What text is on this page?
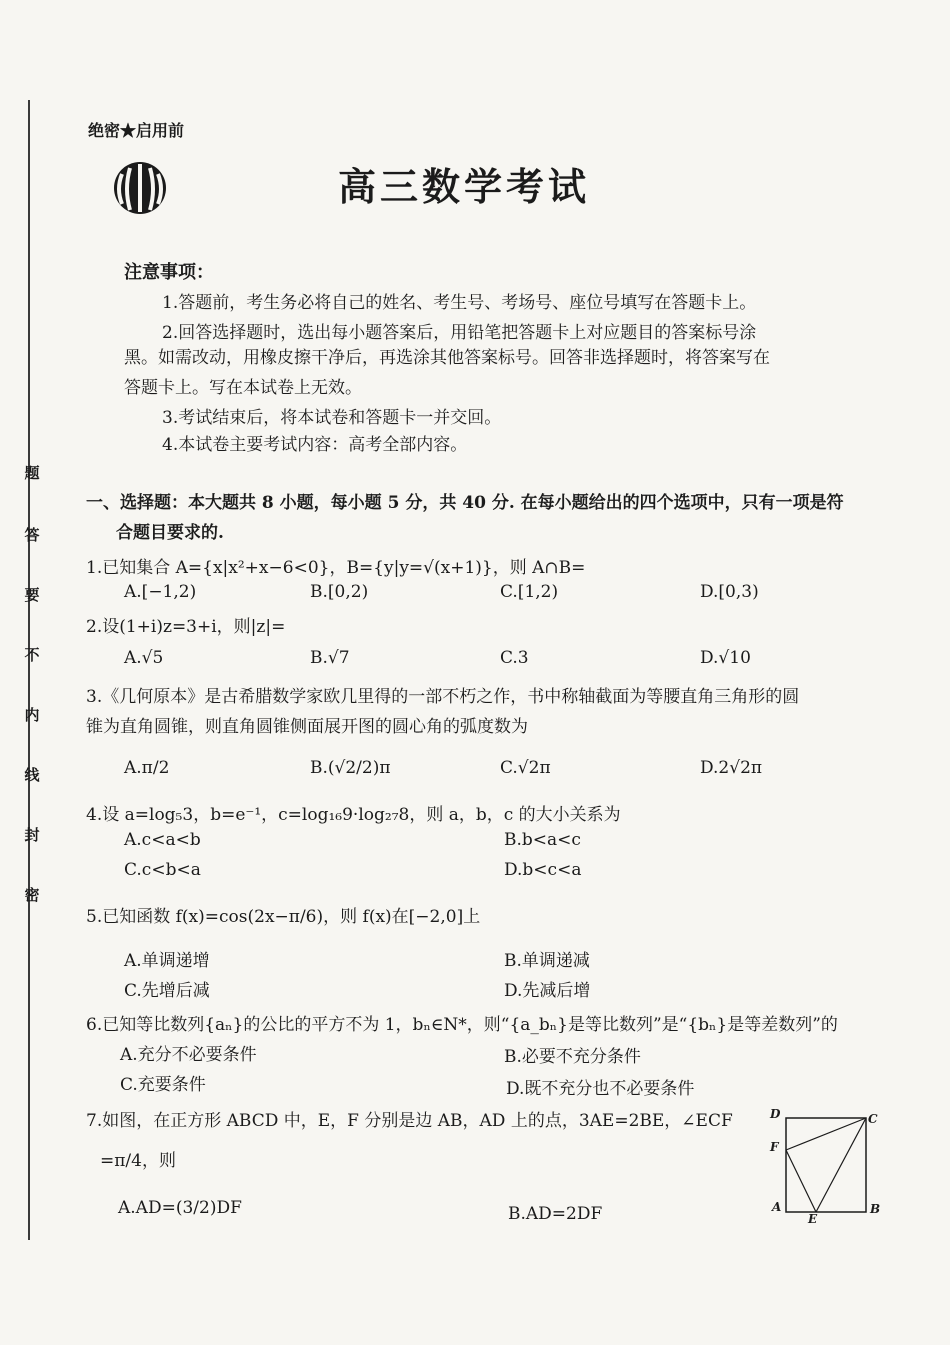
题
答
要
不
内
线
封
密
绝密★启用前
高三数学考试
注意事项：
1.答题前，考生务必将自己的姓名、考生号、考场号、座位号填写在答题卡上。
2.回答选择题时，选出每小题答案后，用铅笔把答题卡上对应题目的答案标号涂
黑。如需改动，用橡皮擦干净后，再选涂其他答案标号。回答非选择题时，将答案写在
答题卡上。写在本试卷上无效。
3.考试结束后，将本试卷和答题卡一并交回。
4.本试卷主要考试内容：高考全部内容。
一、选择题：本大题共 8 小题，每小题 5 分，共 40 分. 在每小题给出的四个选项中，只有一项是符
合题目要求的.
1.已知集合 A={x|x²+x−6<0}，B={y|y=√(x+1)}，则 A∩B=
A.[−1,2)	B.[0,2)	C.[1,2)	D.[0,3)
2.设(1+i)z=3+i，则|z|=
A.√5	B.√7	C.3	D.√10
3.《几何原本》是古希腊数学家欧几里得的一部不朽之作，书中称轴截面为等腰直角三角形的圆
锥为直角圆锥，则直角圆锥侧面展开图的圆心角的弧度数为
A.π/2	B.(√2/2)π	C.√2π	D.2√2π
4.设 a=log₅3，b=e⁻¹，c=log₁₆9·log₂₇8，则 a，b，c 的大小关系为
A.c<a<b	B.b<a<c
C.c<b<a	D.b<c<a
5.已知函数 f(x)=cos(2x−π/6)，则 f(x)在[−2,0]上
A.单调递增	B.单调递减
C.先增后减	D.先减后增
6.已知等比数列{aₙ}的公比的平方不为 1，bₙ∈N*，则“{a_bₙ}是等比数列”是“{bₙ}是等差数列”的
A.充分不必要条件	B.必要不充分条件
C.充要条件	D.既不充分也不必要条件
7.如图，在正方形 ABCD 中，E，F 分别是边 AB，AD 上的点，3AE=2BE，∠ECF
=π/4，则
A.AD=(3/2)DF	B.AD=2DF
D	C
F
A
E
B
